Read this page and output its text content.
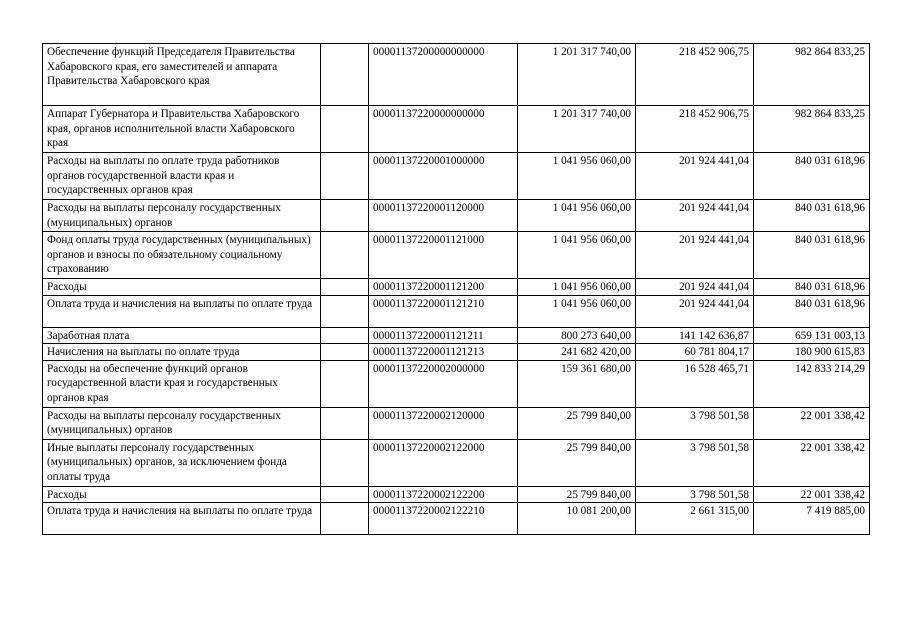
Обеспечение функций Председателя Правительства Хабаровского края, его заместителей и аппарата Правительства Хабаровского края		00001137200000000000	1 201 317 740,00	218 452 906,75	982 864 833,25
Аппарат Губернатора и Правительства Хабаровского края, органов исполнительной власти Хабаровского края		00001137220000000000	1 201 317 740,00	218 452 906,75	982 864 833,25
Расходы на выплаты по оплате труда работников органов государственной власти края и государственных органов края		00001137220001000000	1 041 956 060,00	201 924 441,04	840 031 618,96
Расходы на выплаты персоналу государственных (муниципальных) органов		00001137220001120000	1 041 956 060,00	201 924 441,04	840 031 618,96
Фонд оплаты труда государственных (муниципальных) органов и взносы по обязательному социальному страхованию		00001137220001121000	1 041 956 060,00	201 924 441,04	840 031 618,96
Расходы		00001137220001121200	1 041 956 060,00	201 924 441,04	840 031 618,96
Оплата труда и начисления на выплаты по оплате труда		00001137220001121210	1 041 956 060,00	201 924 441,04	840 031 618,96
Заработная плата		00001137220001121211	800 273 640,00	141 142 636,87	659 131 003,13
Начисления на выплаты по оплате труда		00001137220001121213	241 682 420,00	60 781 804,17	180 900 615,83
Расходы на обеспечение функций органов государственной власти края и государственных органов края		00001137220002000000	159 361 680,00	16 528 465,71	142 833 214,29
Расходы на выплаты персоналу государственных (муниципальных) органов		00001137220002120000	25 799 840,00	3 798 501,58	22 001 338,42
Иные выплаты персоналу государственных (муниципальных) органов, за исключением фонда оплаты труда		00001137220002122000	25 799 840,00	3 798 501,58	22 001 338,42
Расходы		00001137220002122200	25 799 840,00	3 798 501,58	22 001 338,42
Оплата труда и начисления на выплаты по оплате труда		00001137220002122210	10 081 200,00	2 661 315,00	7 419 885,00
